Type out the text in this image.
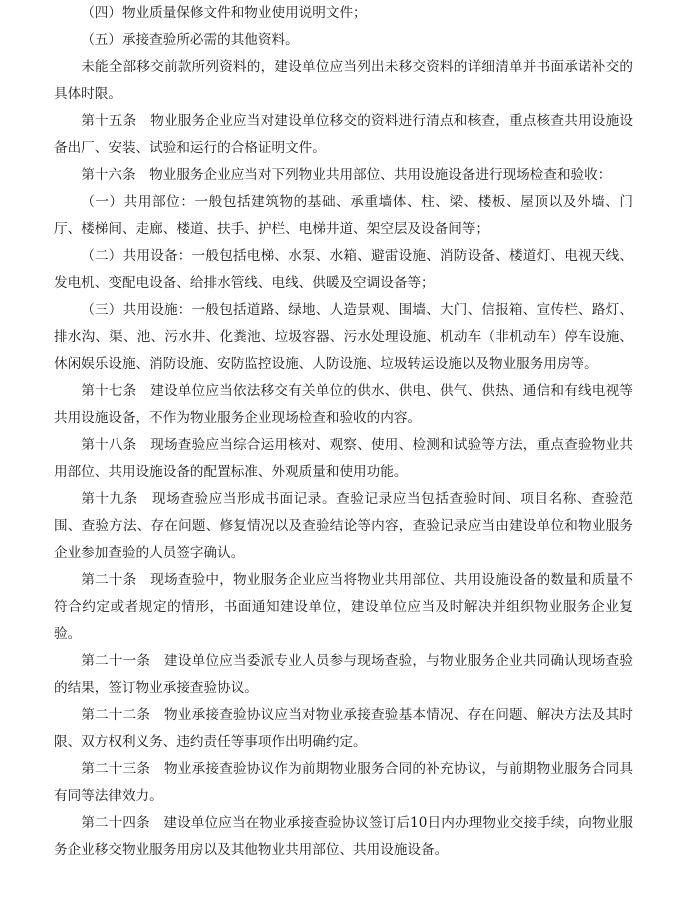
（四）物业质量保修文件和物业使用说明文件；

（五）承接查验所必需的其他资料。

未能全部移交前款所列资料的，建设单位应当列出未移交资料的详细清单并书面承诺补交的具体时限。

第十五条　物业服务企业应当对建设单位移交的资料进行清点和核查，重点核查共用设施设备出厂、安装、试验和运行的合格证明文件。

第十六条　物业服务企业应当对下列物业共用部位、共用设施设备进行现场检查和验收：

（一）共用部位：一般包括建筑物的基础、承重墙体、柱、梁、楼板、屋顶以及外墙、门厅、楼梯间、走廊、楼道、扶手、护栏、电梯井道、架空层及设备间等；

（二）共用设备：一般包括电梯、水泵、水箱、避雷设施、消防设备、楼道灯、电视天线、发电机、变配电设备、给排水管线、电线、供暖及空调设备等；

（三）共用设施：一般包括道路、绿地、人造景观、围墙、大门、信报箱、宣传栏、路灯、排水沟、渠、池、污水井、化粪池、垃圾容器、污水处理设施、机动车（非机动车）停车设施、休闲娱乐设施、消防设施、安防监控设施、人防设施、垃圾转运设施以及物业服务用房等。

第十七条　建设单位应当依法移交有关单位的供水、供电、供气、供热、通信和有线电视等共用设施设备，不作为物业服务企业现场检查和验收的内容。

第十八条　现场查验应当综合运用核对、观察、使用、检测和试验等方法，重点查验物业共用部位、共用设施设备的配置标准、外观质量和使用功能。

第十九条　现场查验应当形成书面记录。查验记录应当包括查验时间、项目名称、查验范围、查验方法、存在问题、修复情况以及查验结论等内容，查验记录应当由建设单位和物业服务企业参加查验的人员签字确认。

第二十条　现场查验中，物业服务企业应当将物业共用部位、共用设施设备的数量和质量不符合约定或者规定的情形，书面通知建设单位，建设单位应当及时解决并组织物业服务企业复验。

第二十一条　建设单位应当委派专业人员参与现场查验，与物业服务企业共同确认现场查验的结果，签订物业承接查验协议。

第二十二条　物业承接查验协议应当对物业承接查验基本情况、存在问题、解决方法及其时限、双方权利义务、违约责任等事项作出明确约定。

第二十三条　物业承接查验协议作为前期物业服务合同的补充协议，与前期物业服务合同具有同等法律效力。

第二十四条　建设单位应当在物业承接查验协议签订后10日内办理物业交接手续，向物业服务企业移交物业服务用房以及其他物业共用部位、共用设施设备。
